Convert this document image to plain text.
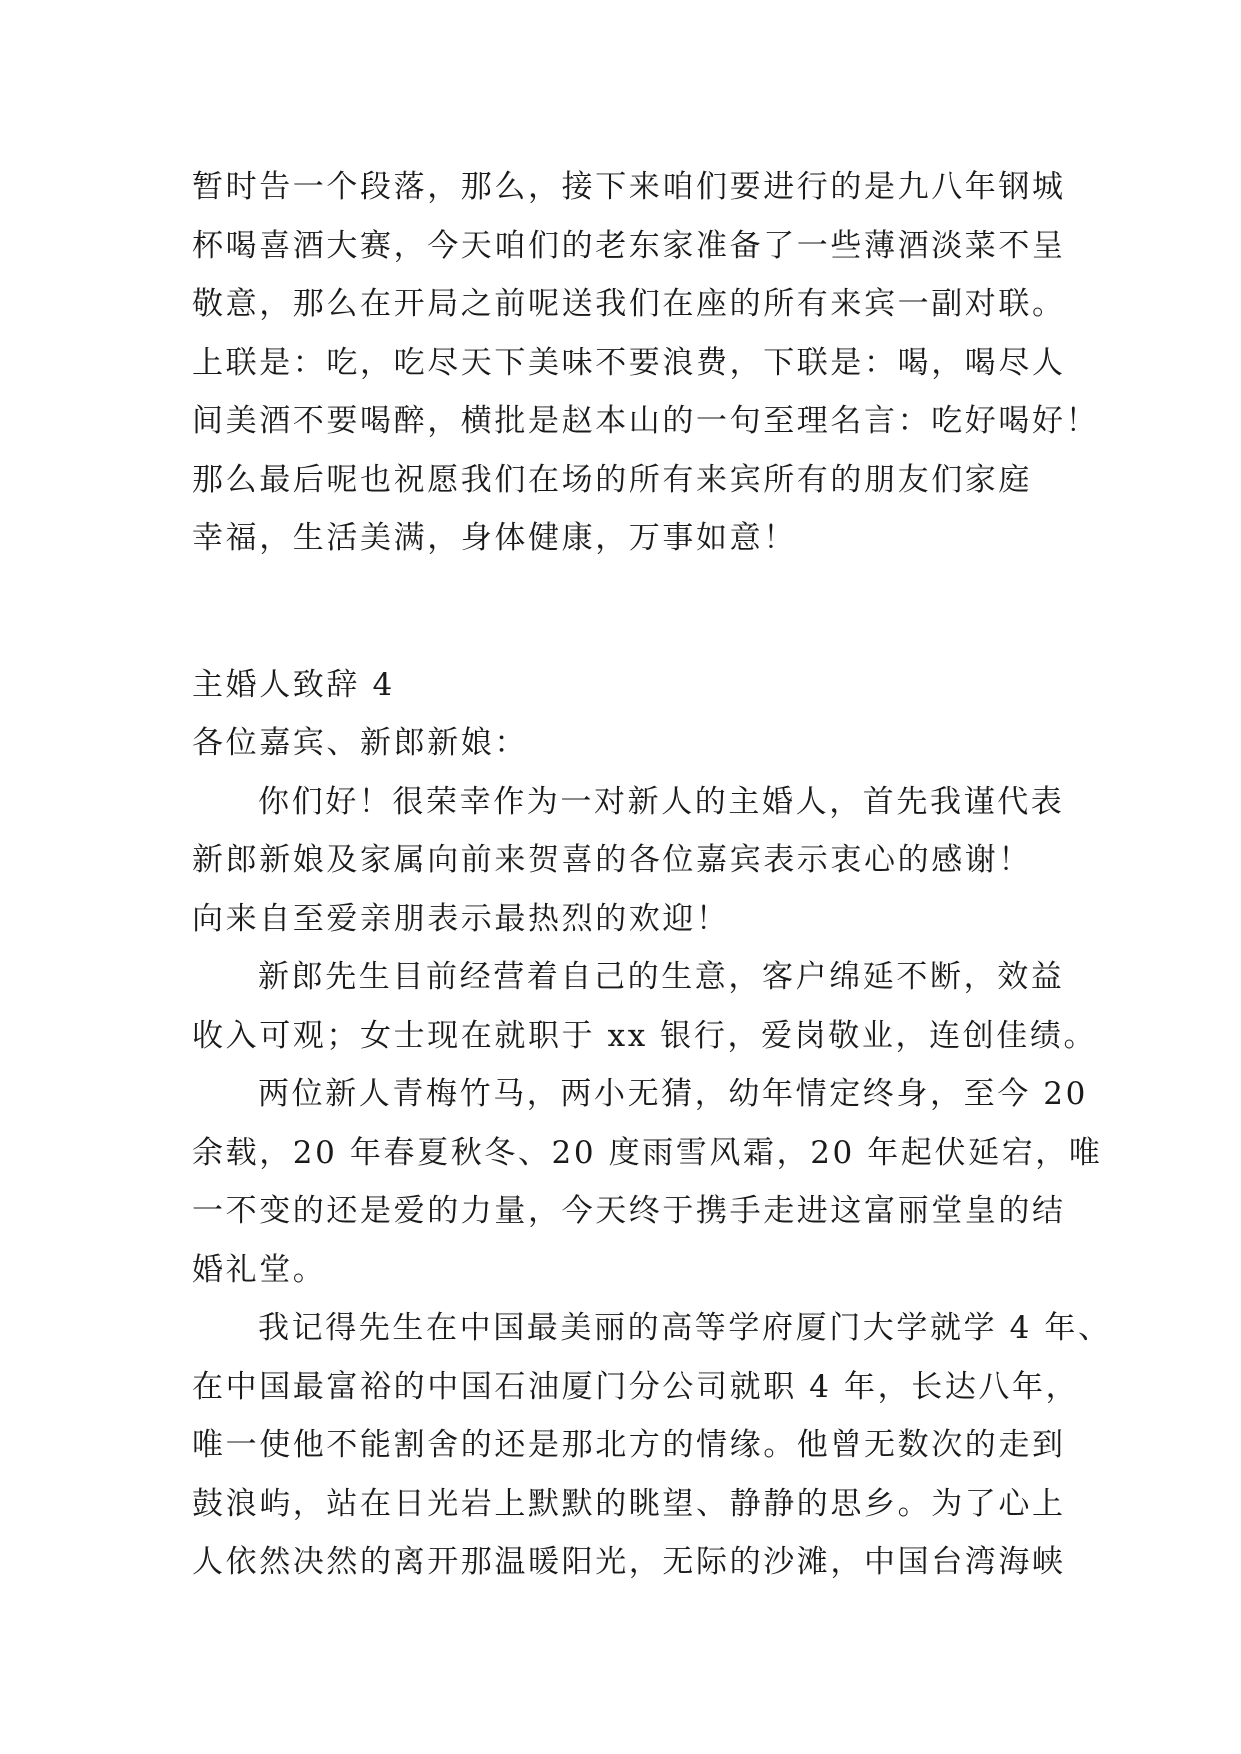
暂时告一个段落，那么，接下来咱们要进行的是九八年钢城
杯喝喜酒大赛，今天咱们的老东家准备了一些薄酒淡菜不呈
敬意，那么在开局之前呢送我们在座的所有来宾一副对联。
上联是：吃，吃尽天下美味不要浪费，下联是：喝，喝尽人
间美酒不要喝醉，横批是赵本山的一句至理名言：吃好喝好！
那么最后呢也祝愿我们在场的所有来宾所有的朋友们家庭
幸福，生活美满，身体健康，万事如意！
主婚人致辞 4
各位嘉宾、新郎新娘：
你们好！很荣幸作为一对新人的主婚人，首先我谨代表
新郎新娘及家属向前来贺喜的各位嘉宾表示衷心的感谢！
向来自至爱亲朋表示最热烈的欢迎！
新郎先生目前经营着自己的生意，客户绵延不断，效益
收入可观；女士现在就职于 xx 银行，爱岗敬业，连创佳绩。
两位新人青梅竹马，两小无猜，幼年情定终身，至今 20
余载，20 年春夏秋冬、20 度雨雪风霜，20 年起伏延宕，唯
一不变的还是爱的力量，今天终于携手走进这富丽堂皇的结
婚礼堂。
我记得先生在中国最美丽的高等学府厦门大学就学 4 年、
在中国最富裕的中国石油厦门分公司就职 4 年，长达八年，
唯一使他不能割舍的还是那北方的情缘。他曾无数次的走到
鼓浪屿，站在日光岩上默默的眺望、静静的思乡。为了心上
人依然决然的离开那温暖阳光，无际的沙滩，中国台湾海峡
